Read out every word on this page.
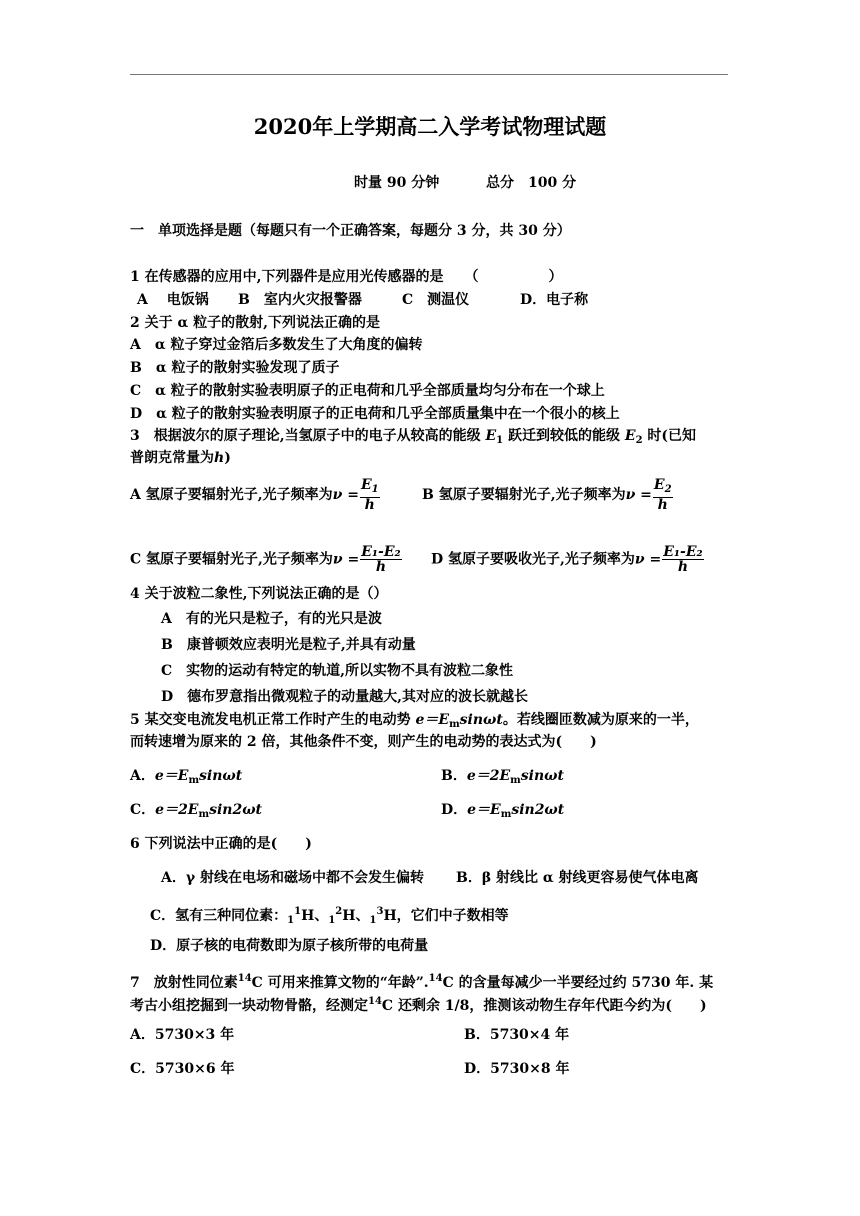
2020年上学期高二入学考试物理试题
时量 90 分钟	总分　100 分
一　单项选择是题（每题只有一个正确答案，每题分 3 分，共 30 分）
1 在传感器的应用中,下列器件是应用光传感器的是　　（　　　　　）
A　 电饭锅 B　室内火灾报警器	C　测温仪	D．电子称
2 关于 α 粒子的散射,下列说法正确的是
A　α 粒子穿过金箔后多数发生了大角度的偏转
B　α 粒子的散射实验发现了质子
C　α 粒子的散射实验表明原子的正电荷和几乎全部质量均匀分布在一个球上
D　α 粒子的散射实验表明原子的正电荷和几乎全部质量集中在一个很小的核上
3　根据波尔的原子理论,当氢原子中的电子从较高的能级 $E_1$ 跃迁到较低的能级 $E_2$ 时(已知
普朗克常量为h)
A 氢原子要辐射光子,光子频率为$\nu = \frac{E_1}{h}$	B 氢原子要辐射光子,光子频率为$\nu = \frac{E_2}{h}$
C 氢原子要辐射光子,光子频率为$\nu = \frac{\text{E₁-E₂}}{h}$ D 氢原子要吸收光子,光子频率为$\nu = \frac{\text{E₁-E₂}}{h}$
4 关于波粒二象性,下列说法正确的是（）
A　有的光只是粒子，有的光只是波
B　康普顿效应表明光是粒子,并具有动量
C　实物的运动有特定的轨道,所以实物不具有波粒二象性
D　德布罗意指出微观粒子的动量越大,其对应的波长就越长
5 某交变电流发电机正常工作时产生的电动势 $e=E_m\sin\omega t$。若线圈匝数减为原来的一半，
而转速增为原来的 2 倍，其他条件不变，则产生的电动势的表达式为(　　)
A．$e=E_m\sin\omega t$	B．$e=2E_m\sin\omega t$
C．$e=2E_m\sin 2\omega t$	D．$e=E_m\sin 2\omega t$
6 下列说法中正确的是(　　)
A．γ 射线在电场和磁场中都不会发生偏转 B．β 射线比 α 射线更容易使气体电离
C．氢有三种同位素：$_1^1$H、$_1^2$H、$_1^3$H，它们中子数相等
D．原子核的电荷数即为原子核所带的电荷量
7　放射性同位素$^{14}$C 可用来推算文物的“年龄”.$^{14}$C 的含量每减少一半要经过约 5730 年. 某
考古小组挖掘到一块动物骨骼，经测定$^{14}$C 还剩余 1/8，推测该动物生存年代距今约为(　　)
A．5730×3 年	B．5730×4 年
C．5730×6 年	D．5730×8 年
